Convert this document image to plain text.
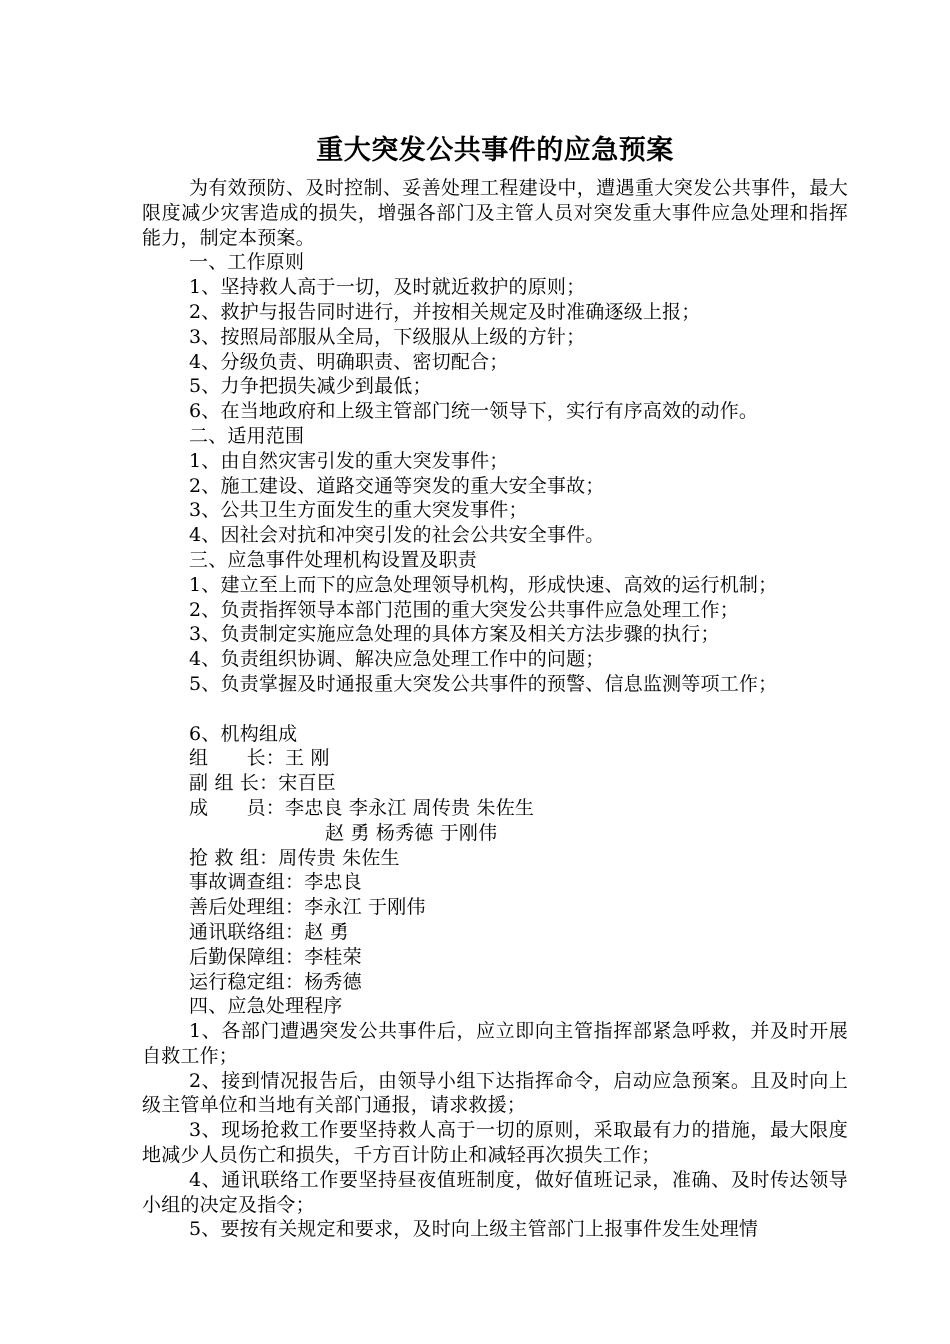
重大突发公共事件的应急预案

为有效预防、及时控制、妥善处理工程建设中，遭遇重大突发公共事件，最大限度减少灾害造成的损失，增强各部门及主管人员对突发重大事件应急处理和指挥能力，制定本预案。

一、工作原则

1、坚持救人高于一切，及时就近救护的原则；

2、救护与报告同时进行，并按相关规定及时准确逐级上报；

3、按照局部服从全局，下级服从上级的方针；

4、分级负责、明确职责、密切配合；

5、力争把损失减少到最低；

6、在当地政府和上级主管部门统一领导下，实行有序高效的动作。

二、适用范围

1、由自然灾害引发的重大突发事件；

2、施工建设、道路交通等突发的重大安全事故；

3、公共卫生方面发生的重大突发事件；

4、因社会对抗和冲突引发的社会公共安全事件。

三、应急事件处理机构设置及职责

1、建立至上而下的应急处理领导机构，形成快速、高效的运行机制；

2、负责指挥领导本部门范围的重大突发公共事件应急处理工作；

3、负责制定实施应急处理的具体方案及相关方法步骤的执行；

4、负责组织协调、解决应急处理工作中的问题；

5、负责掌握及时通报重大突发公共事件的预警、信息监测等项工作；

6、机构组成

组　　长：王 刚

副 组 长：宋百臣

成　　员：李忠良 李永江 周传贵 朱佐生

赵 勇 杨秀德 于刚伟

抢 救 组：周传贵 朱佐生

事故调查组：李忠良

善后处理组：李永江 于刚伟

通讯联络组：赵 勇

后勤保障组：李桂荣

运行稳定组：杨秀德

四、应急处理程序

1、各部门遭遇突发公共事件后，应立即向主管指挥部紧急呼救，并及时开展自救工作；

2、接到情况报告后，由领导小组下达指挥命令，启动应急预案。且及时向上级主管单位和当地有关部门通报，请求救援；

3、现场抢救工作要坚持救人高于一切的原则，采取最有力的措施，最大限度地减少人员伤亡和损失，千方百计防止和减轻再次损失工作；

4、通讯联络工作要坚持昼夜值班制度，做好值班记录，准确、及时传达领导小组的决定及指令；

5、要按有关规定和要求，及时向上级主管部门上报事件发生处理情
